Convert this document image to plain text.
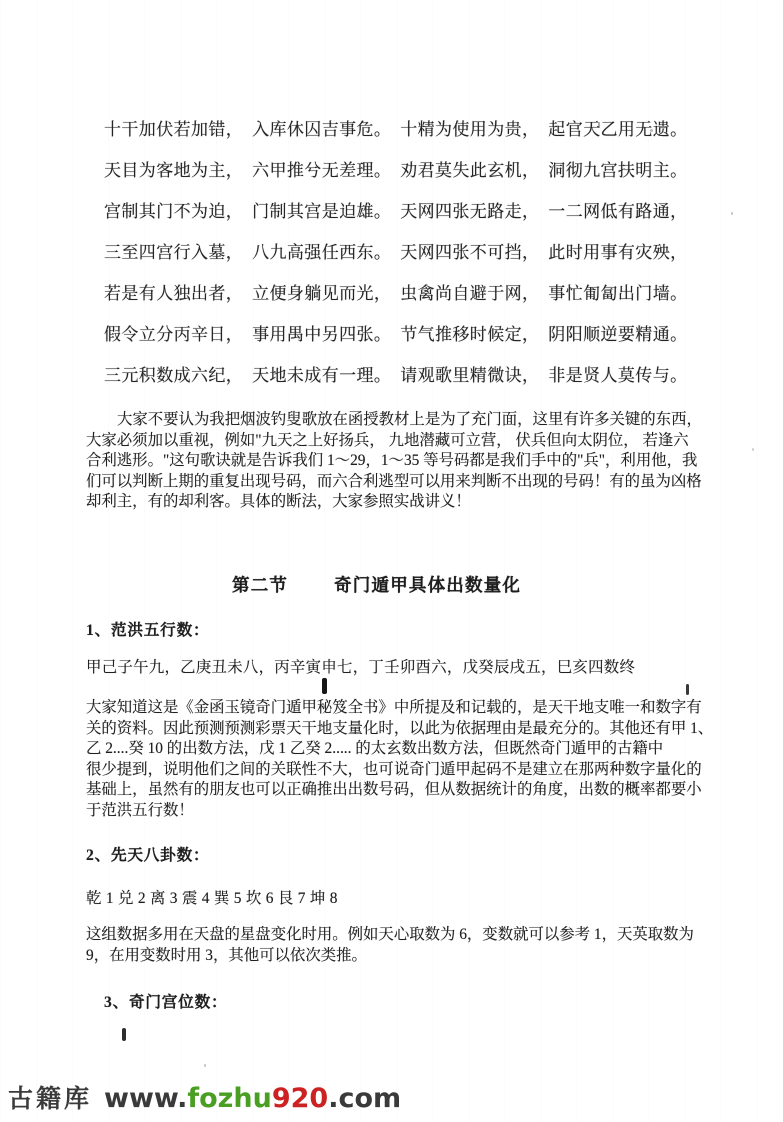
十干加伏若加错，　入库休囚吉事危。　十精为使用为贵，　起官天乙用无遗。
天目为客地为主，　六甲推兮无差理。　劝君莫失此玄机，　洞彻九宫扶明主。
宫制其门不为迫，　门制其宫是迫雄。　天网四张无路走，　一二网低有路通，
三至四宫行入墓，　八九高强任西东。　天网四张不可挡，　此时用事有灾殃，
若是有人独出者，　立便身躺见而光，　虫禽尚自避于网，　事忙匍匐出门墙。
假令立分丙辛日，　事用禺中另四张。　节气推移时候定，　阴阳顺逆要精通。
三元积数成六纪，　天地未成有一理。　请观歌里精微诀，　非是贤人莫传与。
大家不要认为我把烟波钓叟歌放在函授教材上是为了充门面，这里有许多关键的东西，
大家必须加以重视，例如"九天之上好扬兵， 九地潜藏可立营， 伏兵但向太阴位， 若逢六
合利逃形。"这句歌诀就是告诉我们 1～29，1～35 等号码都是我们手中的"兵"，利用他，我
们可以判断上期的重复出现号码，而六合利逃型可以用来判断不出现的号码！有的虽为凶格
却利主，有的却利客。具体的断法，大家参照实战讲义！
第二节	奇门遁甲具体出数量化
1、范洪五行数：
甲己子午九，乙庚丑未八，丙辛寅申七，丁壬卯酉六，戊癸辰戌五，巳亥四数终
大家知道这是《金函玉镜奇门遁甲秘笈全书》中所提及和记载的，是天干地支唯一和数字有
关的资料。因此预测预测彩票天干地支量化时，以此为依据理由是最充分的。其他还有甲 1、
乙 2....癸 10 的出数方法，戊 1 乙癸 2..... 的太玄数出数方法，但既然奇门遁甲的古籍中
很少提到，说明他们之间的关联性不大，也可说奇门遁甲起码不是建立在那两种数字量化的
基础上，虽然有的朋友也可以正确推出出数号码，但从数据统计的角度，出数的概率都要小
于范洪五行数！
2、先天八卦数：
乾 1 兑 2 离 3 震 4 巽 5 坎 6 艮 7 坤 8
这组数据多用在天盘的星盘变化时用。例如天心取数为 6，变数就可以参考 1，天英取数为
9，在用变数时用 3，其他可以依次类推。
3、奇门宫位数：
古籍库 www.fozhu920.com
